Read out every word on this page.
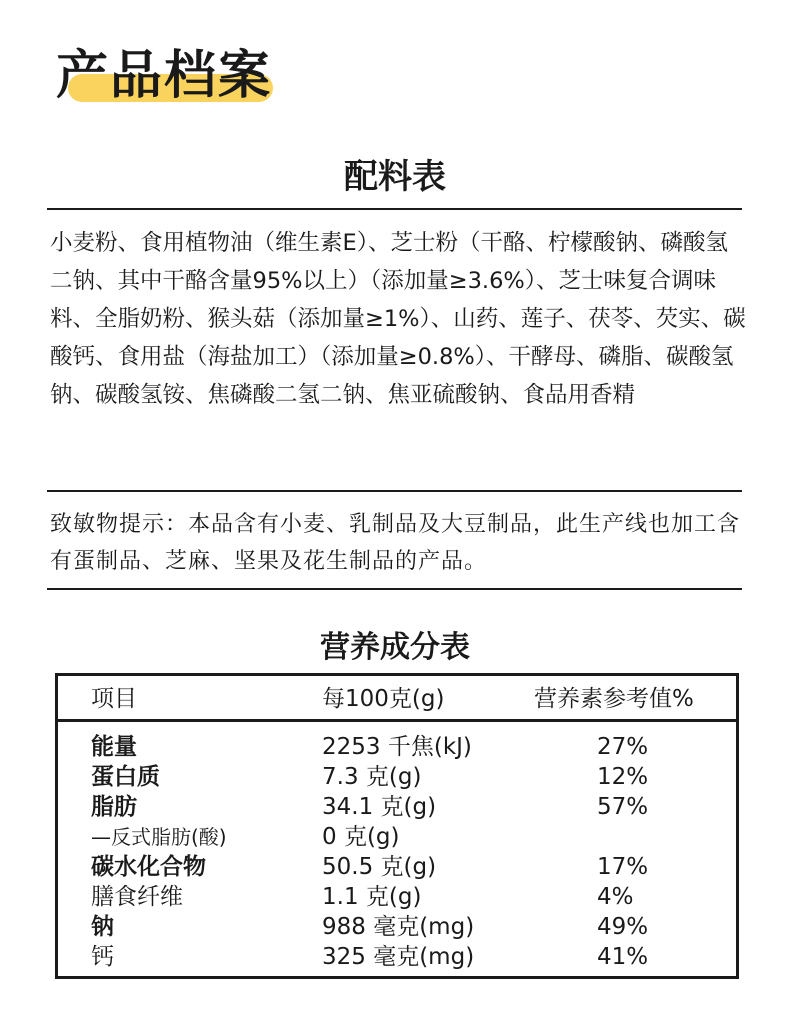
产品档案
配料表

小麦粉、食用植物油（维生素E）、芝士粉（干酪、柠檬酸钠、磷酸氢二钠、其中干酪含量95%以上）（添加量≥3.6%）、芝士味复合调味料、全脂奶粉、猴头菇（添加量≥1%）、山药、莲子、茯苓、芡实、碳酸钙、食用盐（海盐加工）（添加量≥0.8%）、干酵母、磷脂、碳酸氢钠、碳酸氢铵、焦磷酸二氢二钠、焦亚硫酸钠、食品用香精

致敏物提示：本品含有小麦、乳制品及大豆制品，此生产线也加工含有蛋制品、芝麻、坚果及花生制品的产品。

营养成分表
项目	每100克(g)	营养素参考值%
能量	2253 千焦(kJ)	27%
蛋白质	7.3 克(g)	12%
脂肪	34.1 克(g)	57%
—反式脂肪(酸)	0 克(g)
碳水化合物	50.5 克(g)	17%
膳食纤维	1.1 克(g)	4%
钠	988 毫克(mg)	49%
钙	325 毫克(mg)	41%
